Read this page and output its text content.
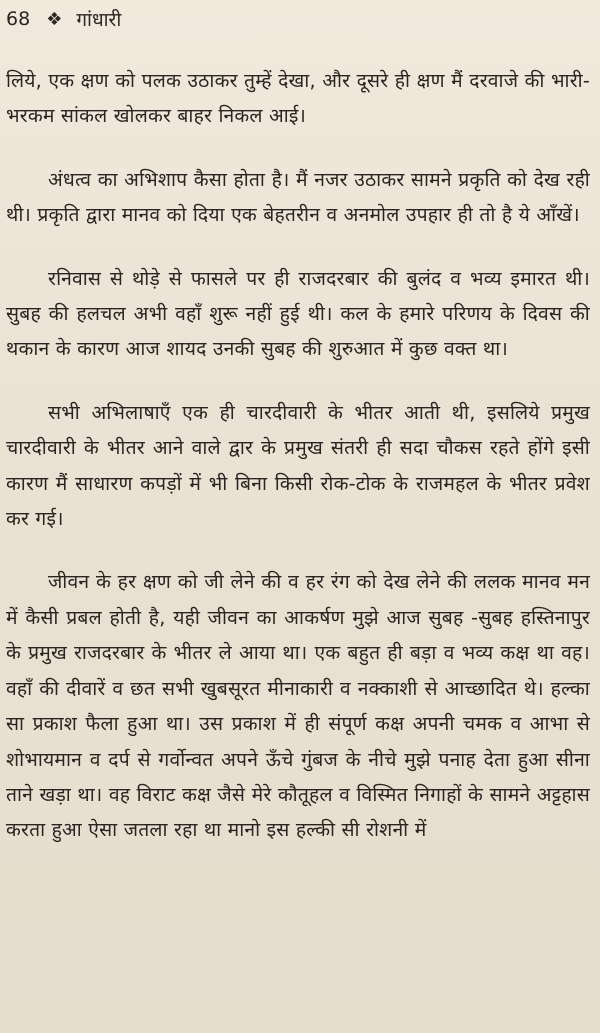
68 ❖ गांधारी

लिये, एक क्षण को पलक उठाकर तुम्हें देखा, और दूसरे ही क्षण मैं दरवाजे की भारी-भरकम सांकल खोलकर बाहर निकल आई।

अंधत्व का अभिशाप कैसा होता है। मैं नजर उठाकर सामने प्रकृति को देख रही थी। प्रकृति द्वारा मानव को दिया एक बेहतरीन व अनमोल उपहार ही तो है ये आँखें।

रनिवास से थोड़े से फासले पर ही राजदरबार की बुलंद व भव्य इमारत थी। सुबह की हलचल अभी वहाँ शुरू नहीं हुई थी। कल के हमारे परिणय के दिवस की थकान के कारण आज शायद उनकी सुबह की शुरुआत में कुछ वक्त था।

सभी अभिलाषाएँ एक ही चारदीवारी के भीतर आती थी, इसलिये प्रमुख चारदीवारी के भीतर आने वाले द्वार के प्रमुख संतरी ही सदा चौकस रहते होंगे इसी कारण मैं साधारण कपड़ों में भी बिना किसी रोक-टोक के राजमहल के भीतर प्रवेश कर गई।

जीवन के हर क्षण को जी लेने की व हर रंग को देख लेने की ललक मानव मन में कैसी प्रबल होती है, यही जीवन का आकर्षण मुझे आज सुबह -सुबह हस्तिनापुर के प्रमुख राजदरबार के भीतर ले आया था। एक बहुत ही बड़ा व भव्य कक्ष था वह। वहाँ की दीवारें व छत सभी खुबसूरत मीनाकारी व नक्काशी से आच्छादित थे। हल्का सा प्रकाश फैला हुआ था। उस प्रकाश में ही संपूर्ण कक्ष अपनी चमक व आभा से शोभायमान व दर्प से गर्वोन्वत अपने ऊँचे गुंबज के नीचे मुझे पनाह देता हुआ सीना ताने खड़ा था। वह विराट कक्ष जैसे मेरे कौतूहल व विस्मित निगाहों के सामने अट्टहास करता हुआ ऐसा जतला रहा था मानो इस हल्की सी रोशनी में
